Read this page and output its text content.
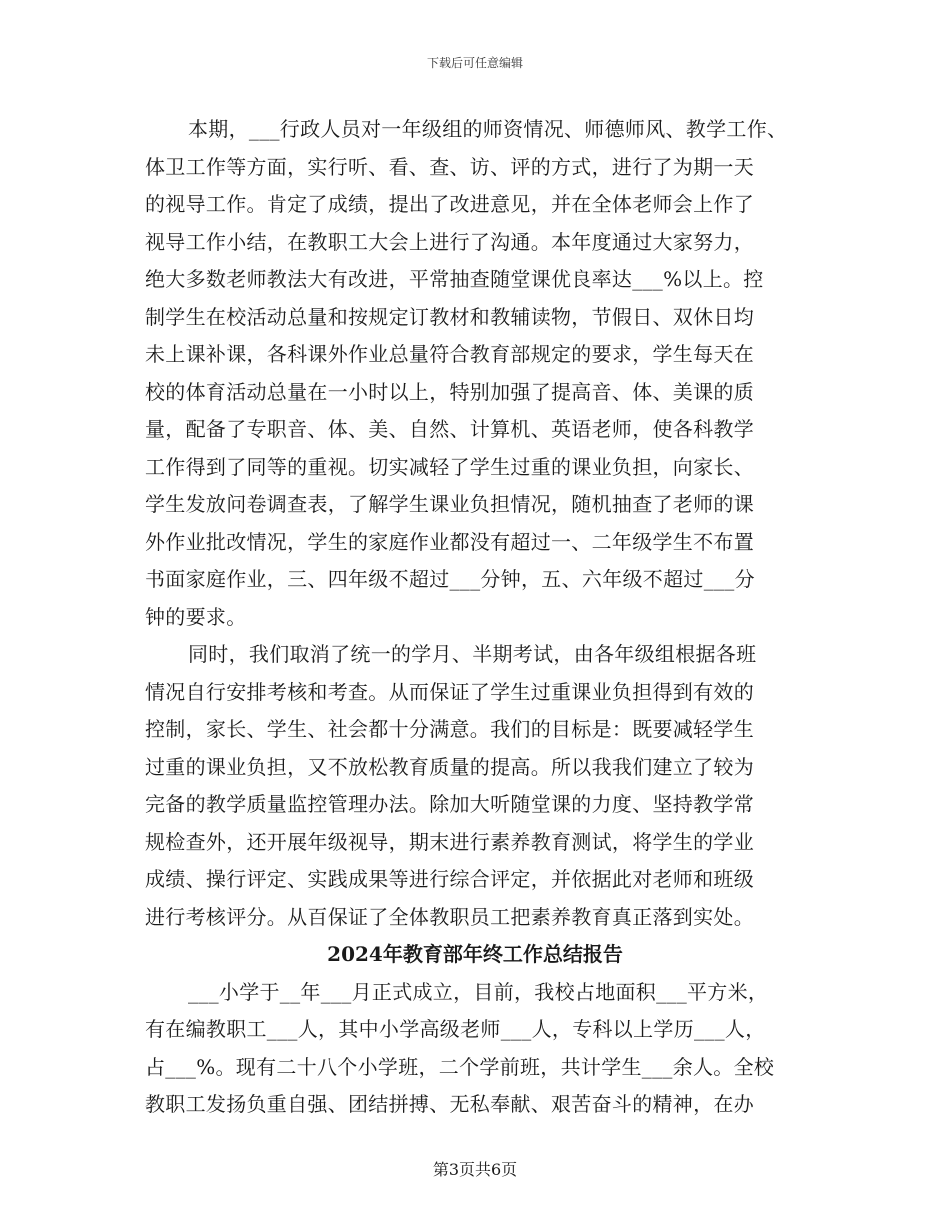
下载后可任意编辑
本期，___行政人员对一年级组的师资情况、师德师风、教学工作、
体卫工作等方面，实行听、看、查、访、评的方式，进行了为期一天
的视导工作。肯定了成绩，提出了改进意见，并在全体老师会上作了
视导工作小结，在教职工大会上进行了沟通。本年度通过大家努力，
绝大多数老师教法大有改进，平常抽查随堂课优良率达___%以上。控
制学生在校活动总量和按规定订教材和教辅读物，节假日、双休日均
未上课补课，各科课外作业总量符合教育部规定的要求，学生每天在
校的体育活动总量在一小时以上，特别加强了提高音、体、美课的质
量，配备了专职音、体、美、自然、计算机、英语老师，使各科教学
工作得到了同等的重视。切实减轻了学生过重的课业负担，向家长、
学生发放问卷调查表，了解学生课业负担情况，随机抽查了老师的课
外作业批改情况，学生的家庭作业都没有超过一、二年级学生不布置
书面家庭作业，三、四年级不超过___分钟，五、六年级不超过___分
钟的要求。
同时，我们取消了统一的学月、半期考试，由各年级组根据各班
情况自行安排考核和考查。从而保证了学生过重课业负担得到有效的
控制，家长、学生、社会都十分满意。我们的目标是：既要减轻学生
过重的课业负担，又不放松教育质量的提高。所以我我们建立了较为
完备的教学质量监控管理办法。除加大听随堂课的力度、坚持教学常
规检查外，还开展年级视导，期末进行素养教育测试，将学生的学业
成绩、操行评定、实践成果等进行综合评定，并依据此对老师和班级
进行考核评分。从百保证了全体教职员工把素养教育真正落到实处。
2024年教育部年终工作总结报告
___小学于__年___月正式成立，目前，我校占地面积___平方米，
有在编教职工___人，其中小学高级老师___人，专科以上学历___人，
占___%。现有二十八个小学班，二个学前班，共计学生___余人。全校
教职工发扬负重自强、团结拼搏、无私奉献、艰苦奋斗的精神，在办
第3页共6页
